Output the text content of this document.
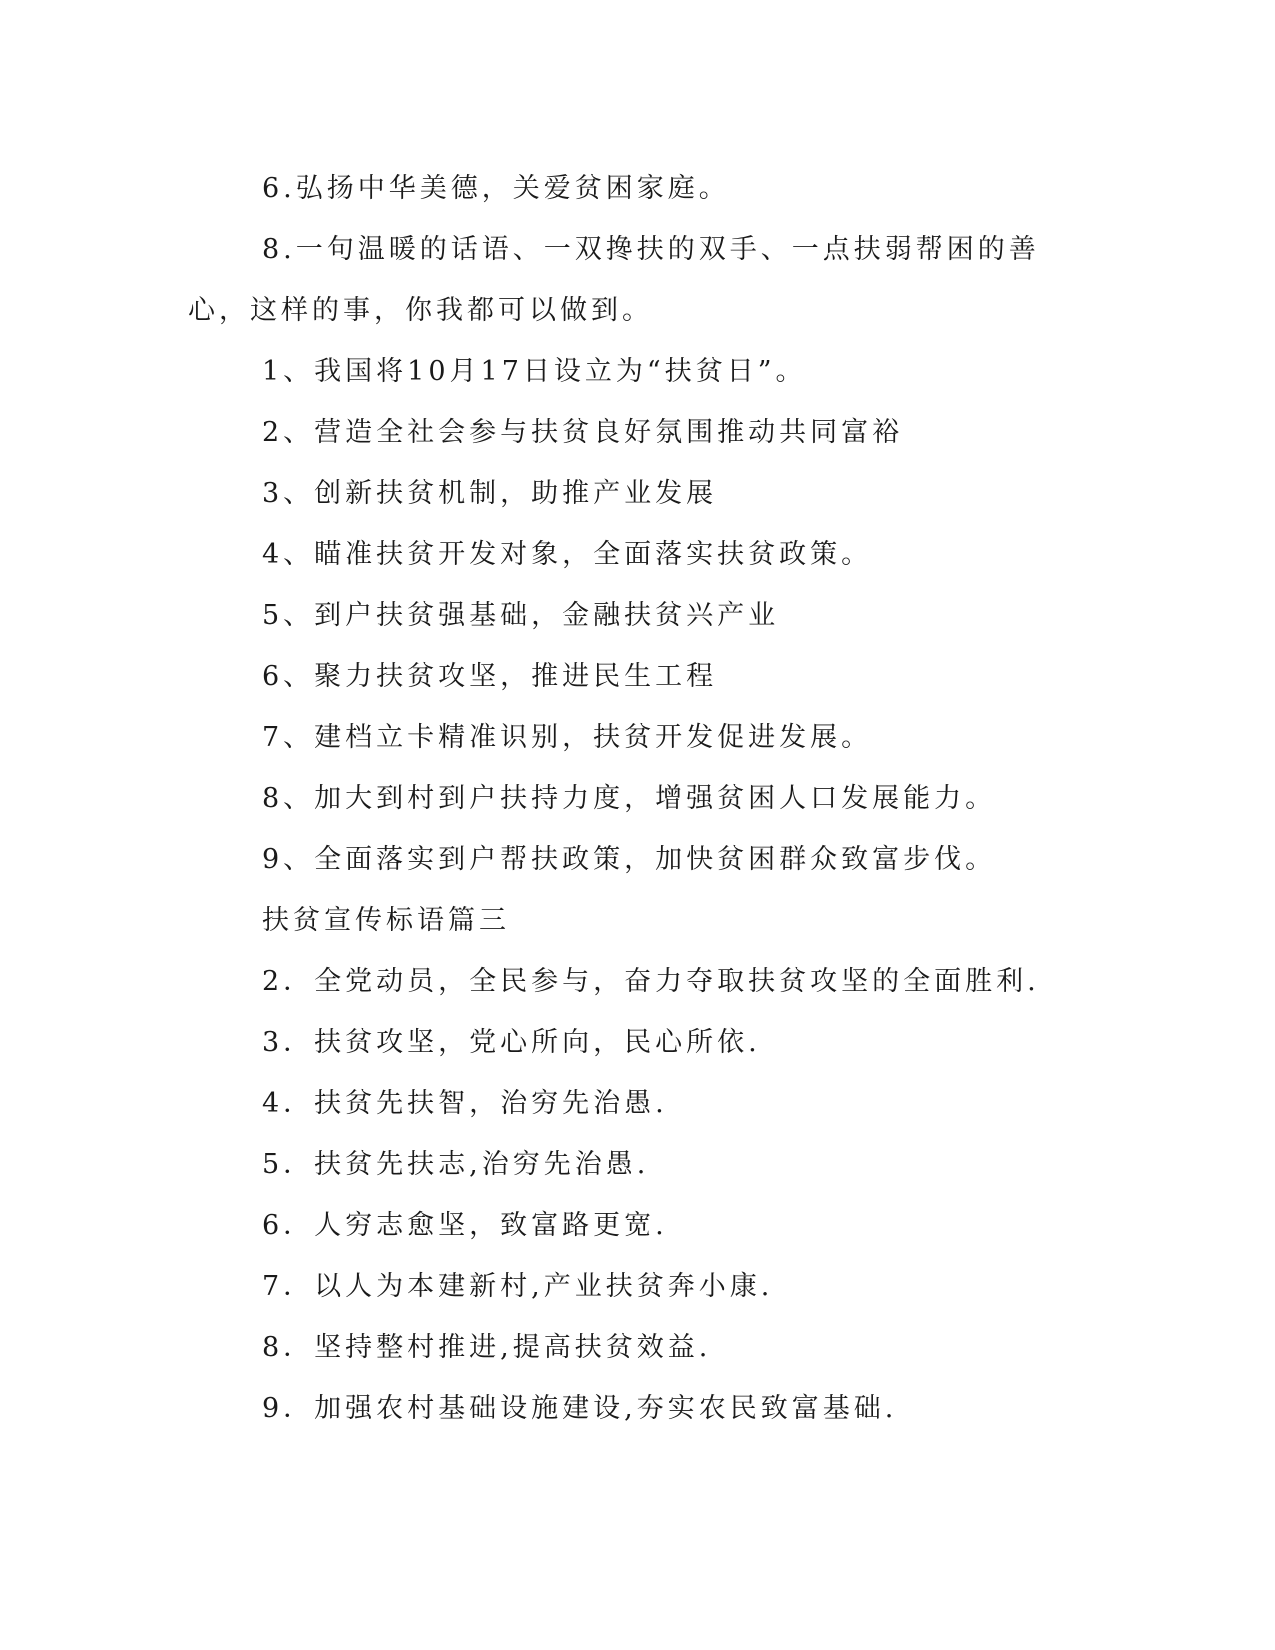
6.弘扬中华美德，关爱贫困家庭。
8.一句温暖的话语、一双搀扶的双手、一点扶弱帮困的善心，这样的事，你我都可以做到。
1、我国将10月17日设立为“扶贫日”。
2、营造全社会参与扶贫良好氛围推动共同富裕
3、创新扶贫机制，助推产业发展
4、瞄准扶贫开发对象，全面落实扶贫政策。
5、到户扶贫强基础，金融扶贫兴产业
6、聚力扶贫攻坚，推进民生工程
7、建档立卡精准识别，扶贫开发促进发展。
8、加大到村到户扶持力度，增强贫困人口发展能力。
9、全面落实到户帮扶政策，加快贫困群众致富步伐。
扶贫宣传标语篇三
2．全党动员，全民参与，奋力夺取扶贫攻坚的全面胜利.
3．扶贫攻坚，党心所向，民心所依.
4．扶贫先扶智，治穷先治愚.
5．扶贫先扶志,治穷先治愚.
6．人穷志愈坚，致富路更宽.
7．以人为本建新村,产业扶贫奔小康.
8．坚持整村推进,提高扶贫效益.
9．加强农村基础设施建设,夯实农民致富基础.
